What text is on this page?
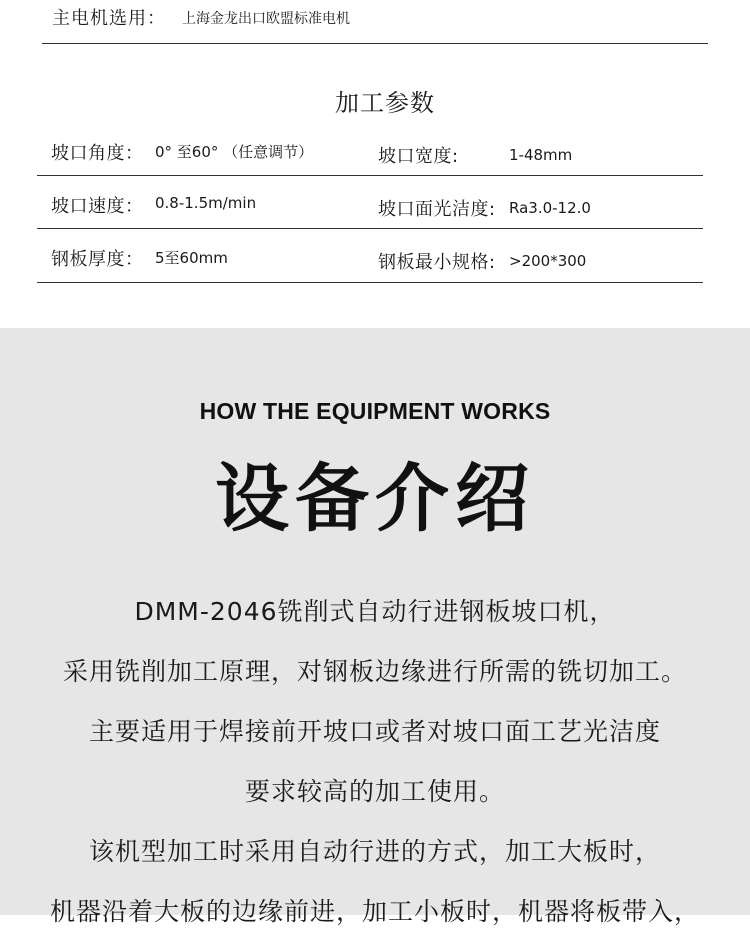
主电机选用： 上海金龙出口欧盟标准电机
加工参数
坡口角度： 0° 至60° （任意调节）	坡口宽度:	1-48mm
坡口速度： 0.8-1.5m/min	坡口面光洁度: Ra3.0-12.0
钢板厚度： 5至60mm	钢板最小规格: >200*300
HOW THE EQUIPMENT WORKS
设备介绍
DMM-2046铣削式自动行进钢板坡口机，
采用铣削加工原理，对钢板边缘进行所需的铣切加工。
主要适用于焊接前开坡口或者对坡口面工艺光洁度
要求较高的加工使用。
该机型加工时采用自动行进的方式，加工大板时，
机器沿着大板的边缘前进，加工小板时，机器将板带入，
